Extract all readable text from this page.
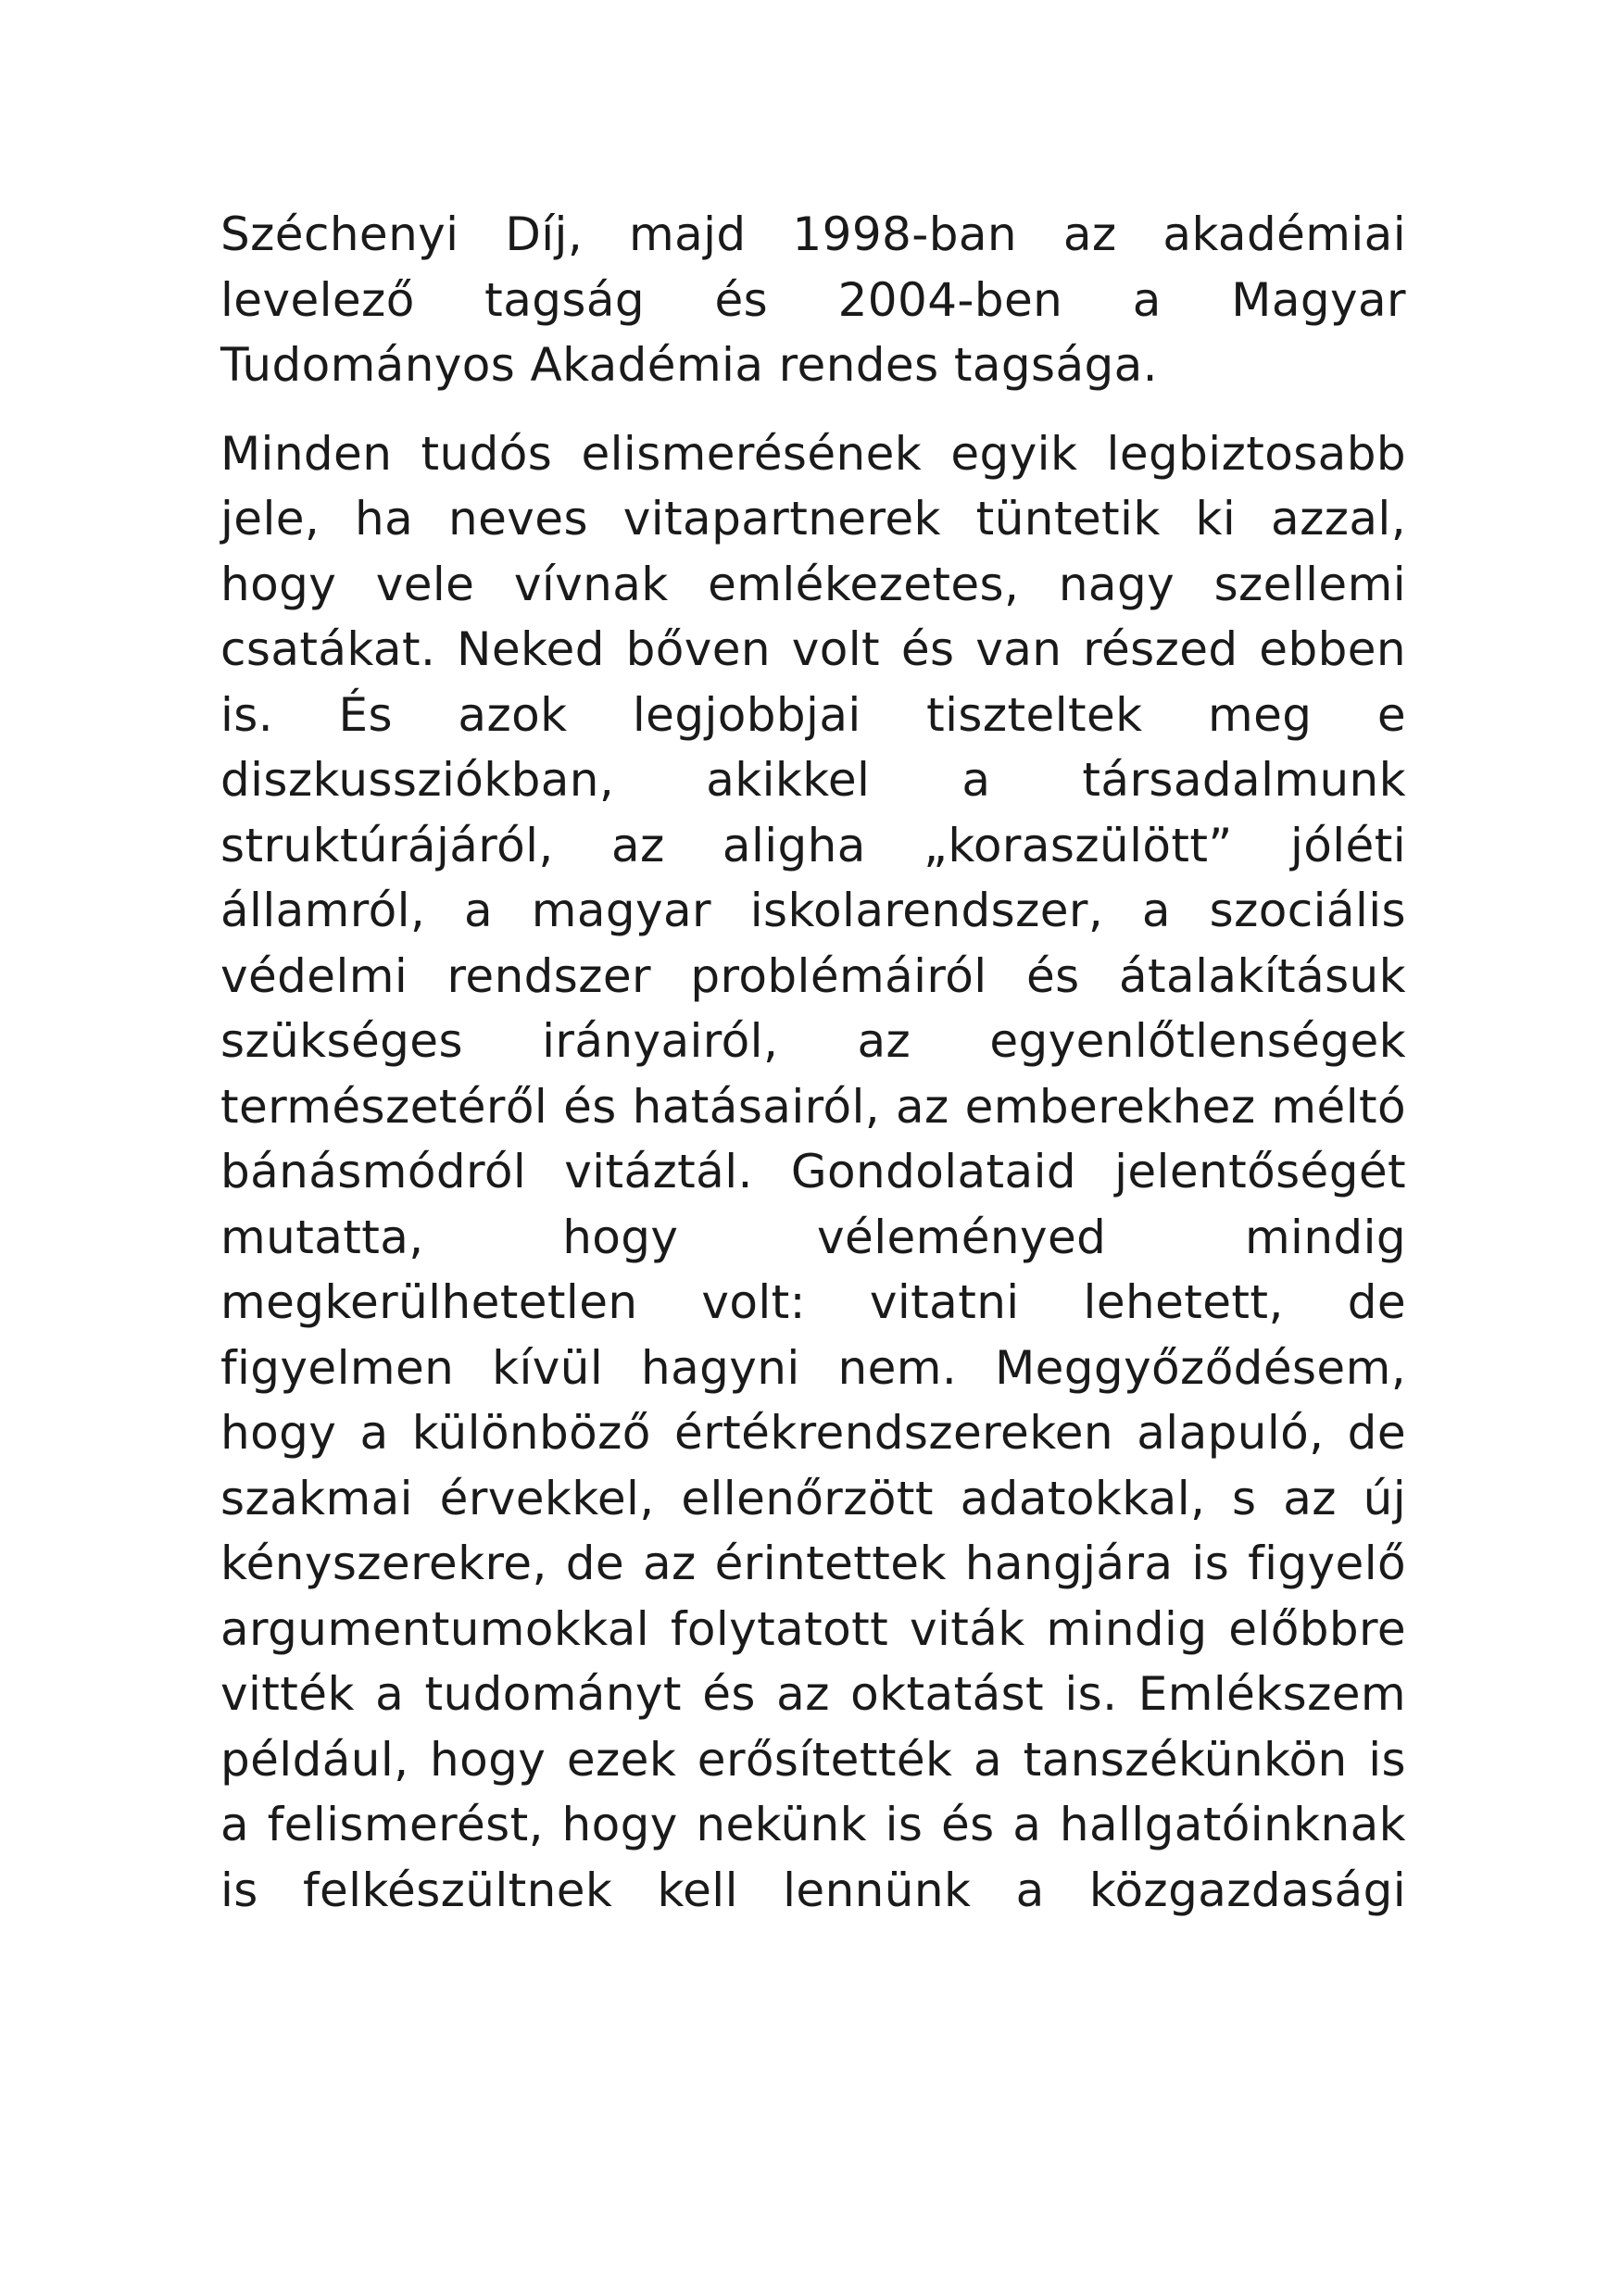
Széchenyi Díj, majd 1998-ban az akadémiai
levelező tagság és 2004-ben a Magyar
Tudományos Akadémia rendes tagsága.
Minden tudós elismerésének egyik legbiztosabb
jele, ha neves vitapartnerek tüntetik ki azzal,
hogy vele vívnak emlékezetes, nagy szellemi
csatákat. Neked bőven volt és van részed ebben
is. És azok legjobbjai tiszteltek meg e
diszkussziókban, akikkel a társadalmunk
struktúrájáról, az aligha „koraszülött” jóléti
államról, a magyar iskolarendszer, a szociális
védelmi rendszer problémáiról és átalakításuk
szükséges irányairól, az egyenlőtlenségek
természetéről és hatásairól, az emberekhez méltó
bánásmódról vitáztál. Gondolataid jelentőségét
mutatta, hogy véleményed mindig
megkerülhetetlen volt: vitatni lehetett, de
figyelmen kívül hagyni nem. Meggyőződésem,
hogy a különböző értékrendszereken alapuló, de
szakmai érvekkel, ellenőrzött adatokkal, s az új
kényszerekre, de az érintettek hangjára is figyelő
argumentumokkal folytatott viták mindig előbbre
vitték a tudományt és az oktatást is. Emlékszem
például, hogy ezek erősítették a tanszékünkön is
a felismerést, hogy nekünk is és a hallgatóinknak
is felkészültnek kell lennünk a közgazdasági
